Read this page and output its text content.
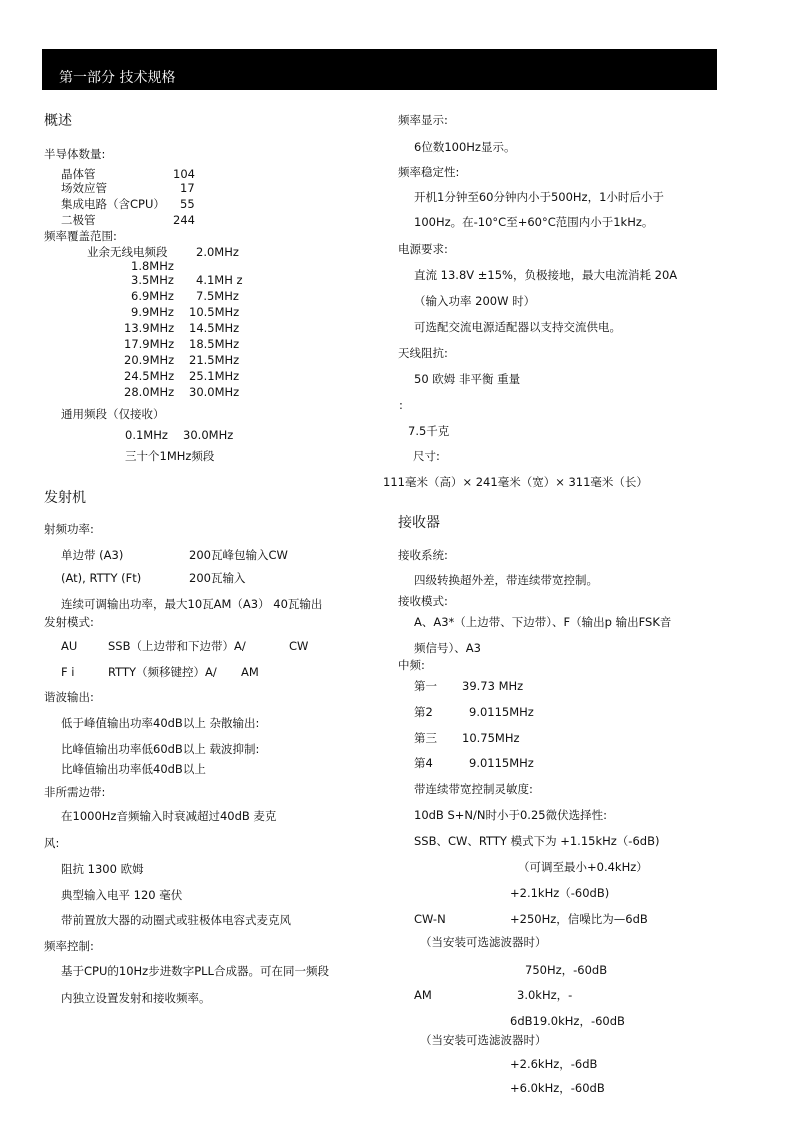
第一部分 技术规格
概述
半导体数量:
晶体管	104
场效应管	17
集成电路（含CPU） 55
二极管	244
频率覆盖范围:
业余无线电频段 2.0MHz
1.8MHz
3.5MHz 4.1MH z
6.9MHz 7.5MHz
9.9MHz 10.5MHz
13.9MHz 14.5MHz
17.9MHz 18.5MHz
20.9MHz 21.5MHz
24.5MHz 25.1MHz
28.0MHz 30.0MHz
通用频段（仅接收）
0.1MHz　 30.0MHz
三十个1MHz频段
发射机
射频功率:
单边带 (A3)	200瓦峰包输入CW
(At), RTTY (Ft)	200瓦输入
连续可调输出功率，最大10瓦AM（A3） 40瓦输出
发射模式:
AU	SSB（上边带和下边带）A/	CW
F i	RTTY（频移键控）A/ AM
谐波输出:
低于峰值输出功率40dB以上 杂散输出:
比峰值输出功率低60dB以上 载波抑制:
比峰值输出功率低40dB以上
非所需边带:
在1000Hz音频输入时衰减超过40dB 麦克
风:
阻抗 1300 欧姆
典型输入电平 120 毫伏
带前置放大器的动圈式或驻极体电容式麦克风
频率控制:
基于CPU的10Hz步进数字PLL合成器。可在同一频段
内独立设置发射和接收频率。
频率显示:
6位数100Hz显示。
频率稳定性:
开机1分钟至60分钟内小于500Hz，1小时后小于
100Hz。在-10°C至+60°C范围内小于1kHz。
电源要求:
直流 13.8V ±15%，负极接地，最大电流消耗 20A
（输入功率 200W 时）
可选配交流电源适配器以支持交流供电。
天线阻抗:
50 欧姆 非平衡 重量
:
7.5千克
尺寸:
111毫米（高）× 241毫米（宽）× 311毫米（长）
接收器
接收系统:
四级转换超外差，带连续带宽控制。
接收模式:
A、A3*（上边带、下边带）、F（输出p 输出FSK音
频信号）、A3
中频:
第一 39.73 MHz
第2	9.0115MHz
第三 10.75MHz
第4	9.0115MHz
带连续带宽控制灵敏度:
10dB S+N/N时小于0.25微伏选择性:
SSB、CW、RTTY 模式下为 +1.15kHz（-6dB)
（可调至最小+0.4kHz）
+2.1kHz（-60dB)
CW-N	+250Hz，信噪比为—6dB
（当安装可选滤波器时）
750Hz，-60dB
AM	3.0kHz，-
6dB19.0kHz，-60dB
（当安装可选滤波器时）
+2.6kHz，-6dB
+6.0kHz，-60dB
